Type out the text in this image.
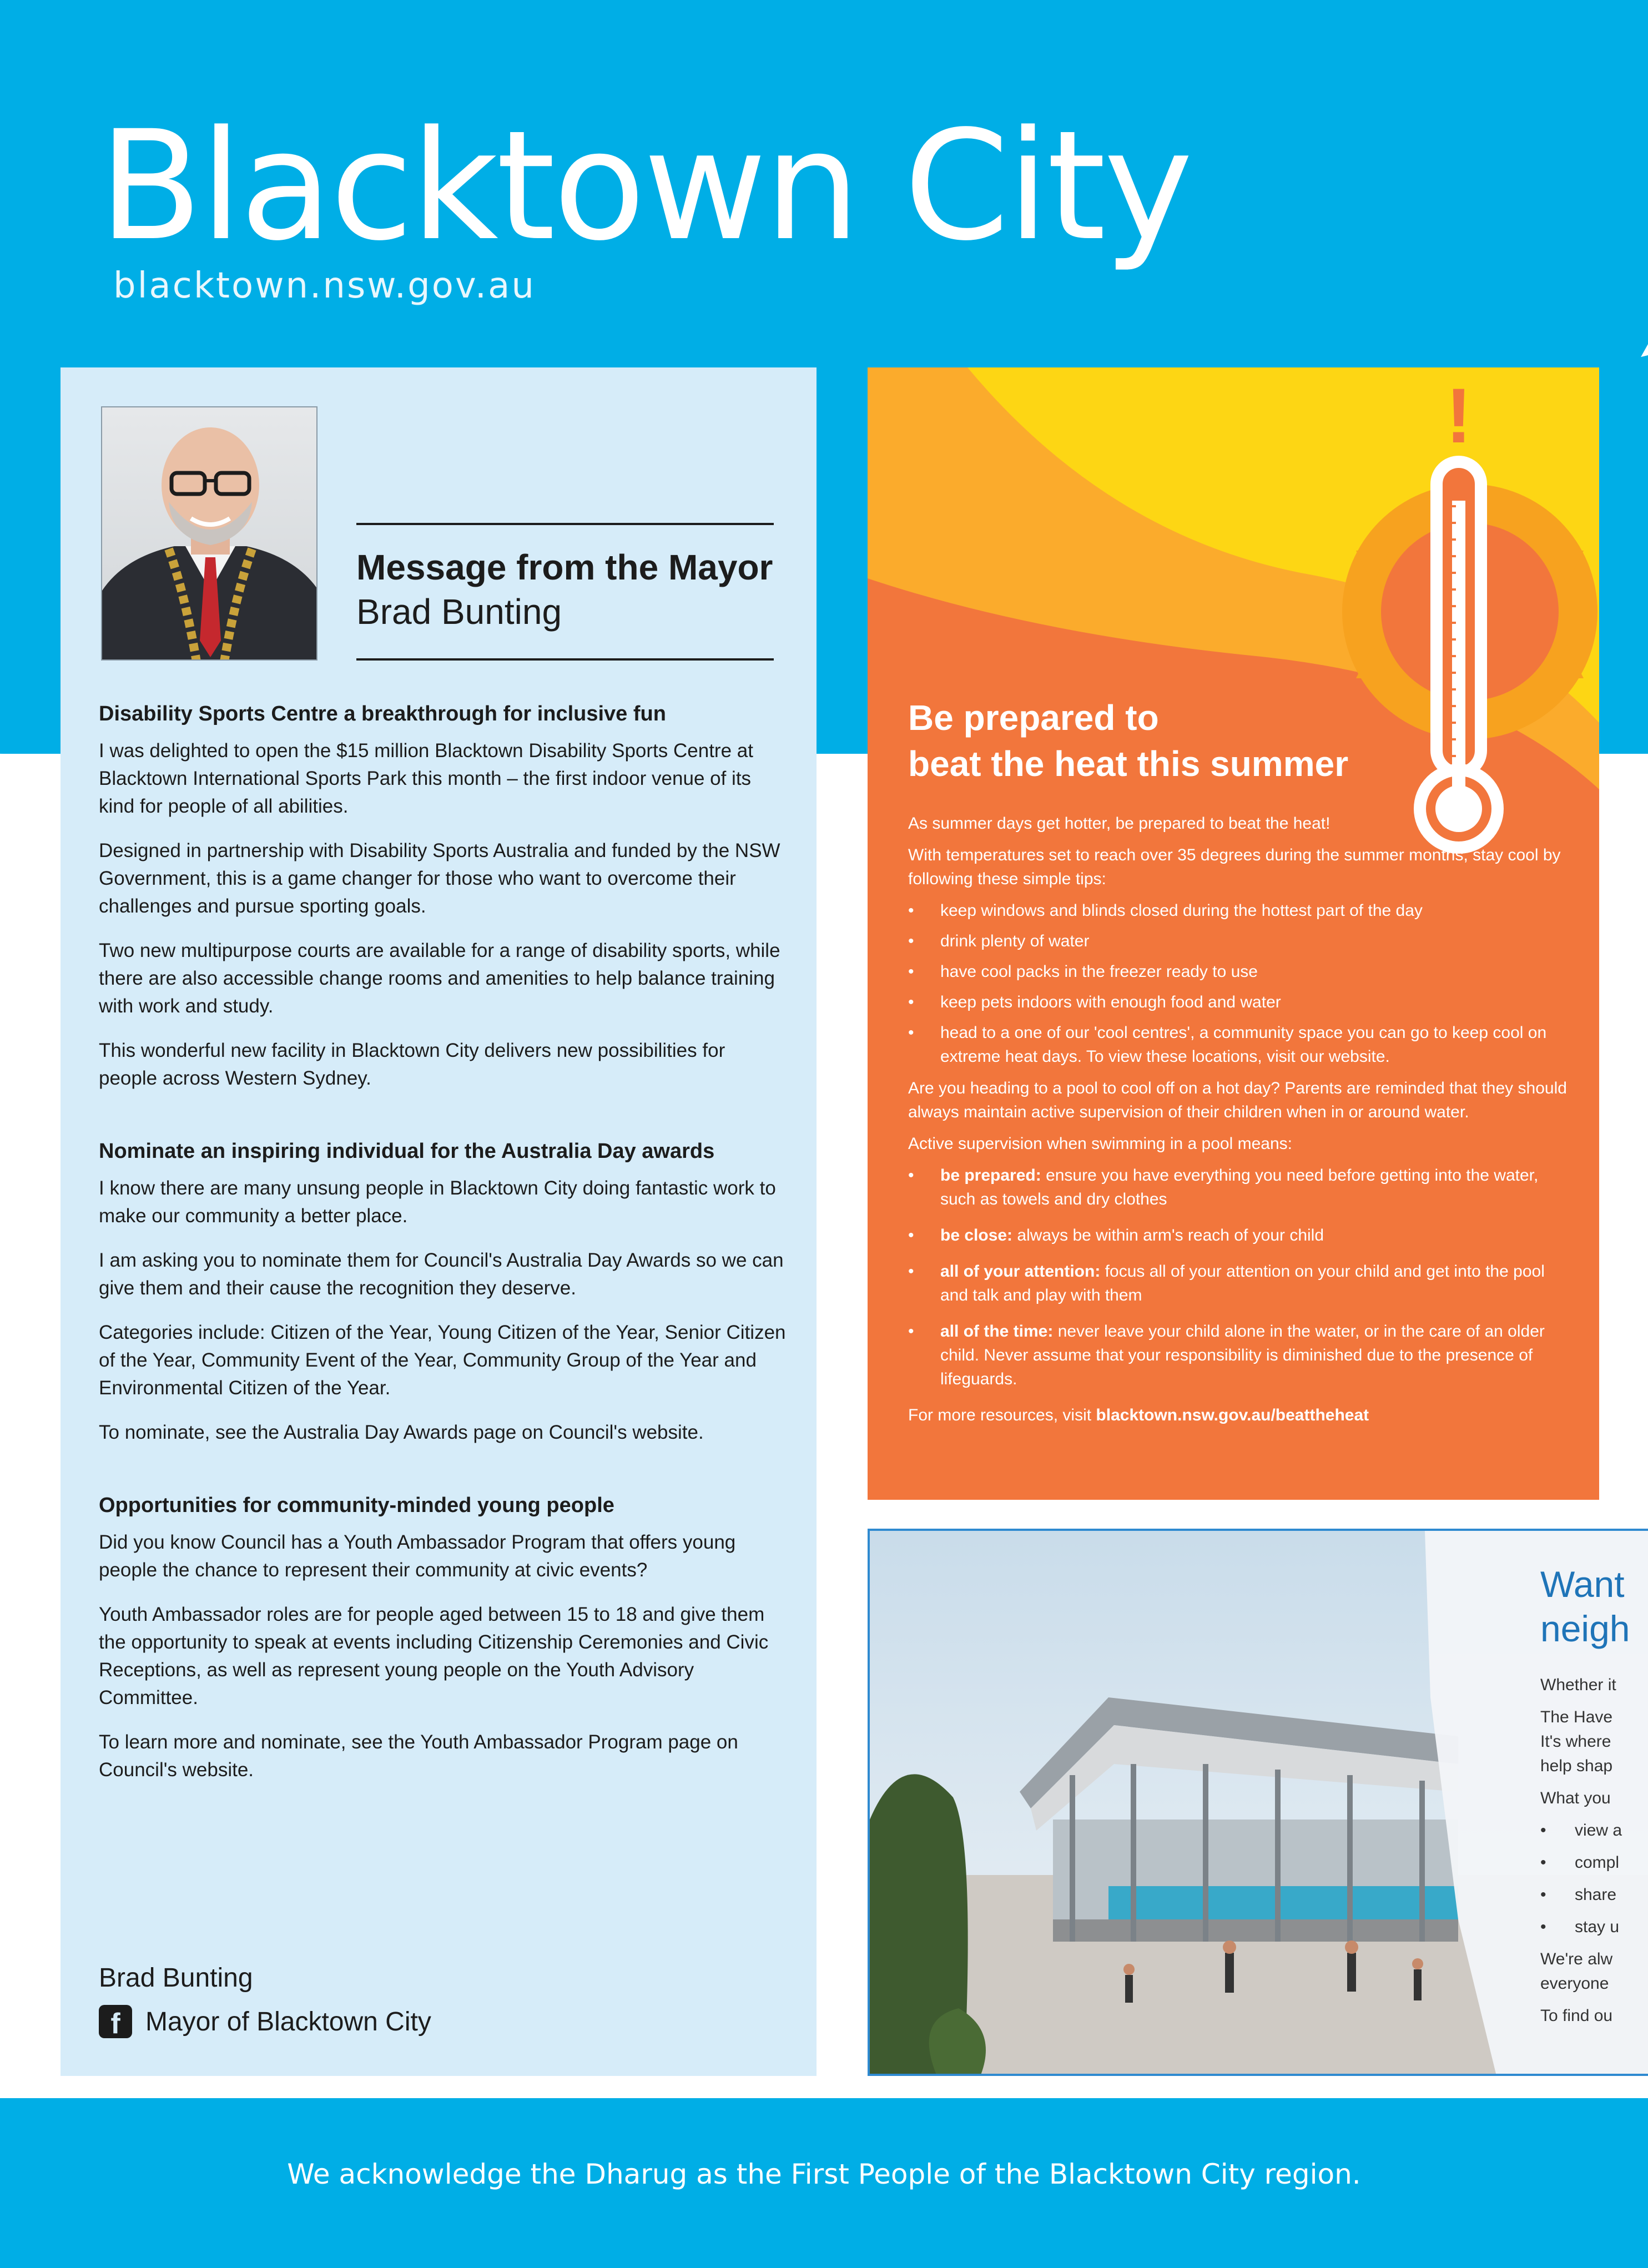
Blacktown City
blacktown.nsw.gov.au
Message from the Mayor
Brad Bunting
Disability Sports Centre a breakthrough for inclusive fun

I was delighted to open the $15 million Blacktown Disability Sports Centre at Blacktown International Sports Park this month – the first indoor venue of its kind for people of all abilities.

Designed in partnership with Disability Sports Australia and funded by the NSW Government, this is a game changer for those who want to overcome their challenges and pursue sporting goals.

Two new multipurpose courts are available for a range of disability sports, while there are also accessible change rooms and amenities to help balance training with work and study.

This wonderful new facility in Blacktown City delivers new possibilities for people across Western Sydney.

Nominate an inspiring individual for the Australia Day awards

I know there are many unsung people in Blacktown City doing fantastic work to make our community a better place.

I am asking you to nominate them for Council's Australia Day Awards so we can give them and their cause the recognition they deserve.

Categories include: Citizen of the Year, Young Citizen of the Year, Senior Citizen of the Year, Community Event of the Year, Community Group of the Year and Environmental Citizen of the Year.

To nominate, see the Australia Day Awards page on Council's website.

Opportunities for community-minded young people

Did you know Council has a Youth Ambassador Program that offers young people the chance to represent their community at civic events?

Youth Ambassador roles are for people aged between 15 to 18 and give them the opportunity to speak at events including Citizenship Ceremonies and Civic Receptions, as well as represent young people on the Youth Advisory Committee.

To learn more and nominate, see the Youth Ambassador Program page on Council's website.

Brad Bunting
f Mayor of Blacktown City
!
Be prepared to
beat the heat this summer

As summer days get hotter, be prepared to beat the heat!

With temperatures set to reach over 35 degrees during the summer months, stay cool by following these simple tips:

• keep windows and blinds closed during the hottest part of the day
• drink plenty of water
• have cool packs in the freezer ready to use
• keep pets indoors with enough food and water
• head to a one of our 'cool centres', a community space you can go to keep cool on extreme heat days. To view these locations, visit our website.

Are you heading to a pool to cool off on a hot day? Parents are reminded that they should always maintain active supervision of their children when in or around water.

Active supervision when swimming in a pool means:

• be prepared: ensure you have everything you need before getting into the water, such as towels and dry clothes
• be close: always be within arm's reach of your child
• all of your attention: focus all of your attention on your child and get into the pool and talk and play with them
• all of the time: never leave your child alone in the water, or in the care of an older child. Never assume that your responsibility is diminished due to the presence of lifeguards.

For more resources, visit blacktown.nsw.gov.au/beattheheat

Want
neigh
Whether it
The Have
It's where
help shap
What you
• view a
• compl
• share
• stay u
We're alw
everyone
To find ou
We acknowledge the Dharug as the First People of the Blacktown City region.
